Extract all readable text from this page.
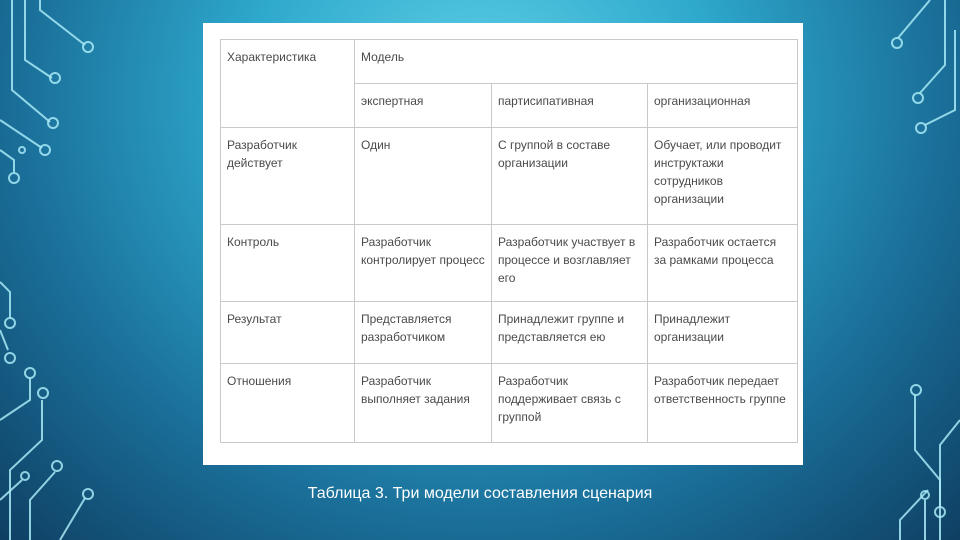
Характеристика	Модель		
	экспертная	партисипативная	организационная
Разработчик действует	Один	С группой в составе организации	Обучает, или проводит инструктажи сотрудников организации
Контроль	Разработчик контролирует процесс	Разработчик участвует в процессе и возглавляет его	Разработчик остается за рамками процесса
Результат	Представляется разработчиком	Принадлежит группе и представляется ею	Принадлежит организации
Отношения	Разработчик выполняет задания	Разработчик поддерживает связь с группой	Разработчик передает ответственность группе
Таблица 3. Три модели составления сценария
